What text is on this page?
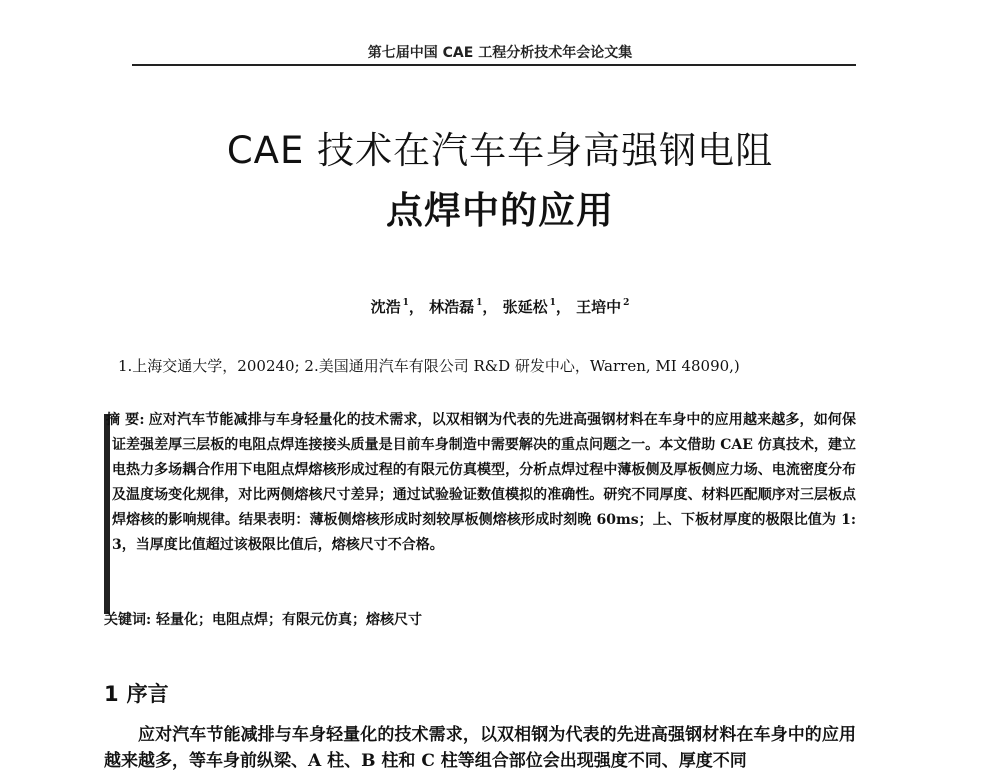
第七届中国 CAE 工程分析技术年会论文集
CAE 技术在汽车车身高强钢电阻
点焊中的应用
沈浩 $^1$， 林浩磊 $^1$， 张延松 $^1$， 王培中 $^2$
1.上海交通大学，200240; 2.美国通用汽车有限公司 R&D 研发中心，Warren, MI 48090,)
摘 要: 应对汽车节能减排与车身轻量化的技术需求，以双相钢为代表的先进高强钢材料在车身中的应用越来越多，如何保证差强差厚三层板的电阻点焊连接接头质量是目前车身制造中需要解决的重点问题之一。本文借助 CAE 仿真技术，建立电热力多场耦合作用下电阻点焊熔核形成过程的有限元仿真模型，分析点焊过程中薄板侧及厚板侧应力场、电流密度分布及温度场变化规律，对比两侧熔核尺寸差异；通过试验验证数值模拟的准确性。研究不同厚度、材料匹配顺序对三层板点焊熔核的影响规律。结果表明：薄板侧熔核形成时刻较厚板侧熔核形成时刻晚 60ms；上、下板材厚度的极限比值为 1: 3，当厚度比值超过该极限比值后，熔核尺寸不合格。
关键词: 轻量化；电阻点焊；有限元仿真；熔核尺寸
1 序言
应对汽车节能减排与车身轻量化的技术需求，以双相钢为代表的先进高强钢材料在车身中的应用越来越多，等车身前纵梁、A 柱、B 柱和 C 柱等组合部位会出现强度不同、厚度不同
